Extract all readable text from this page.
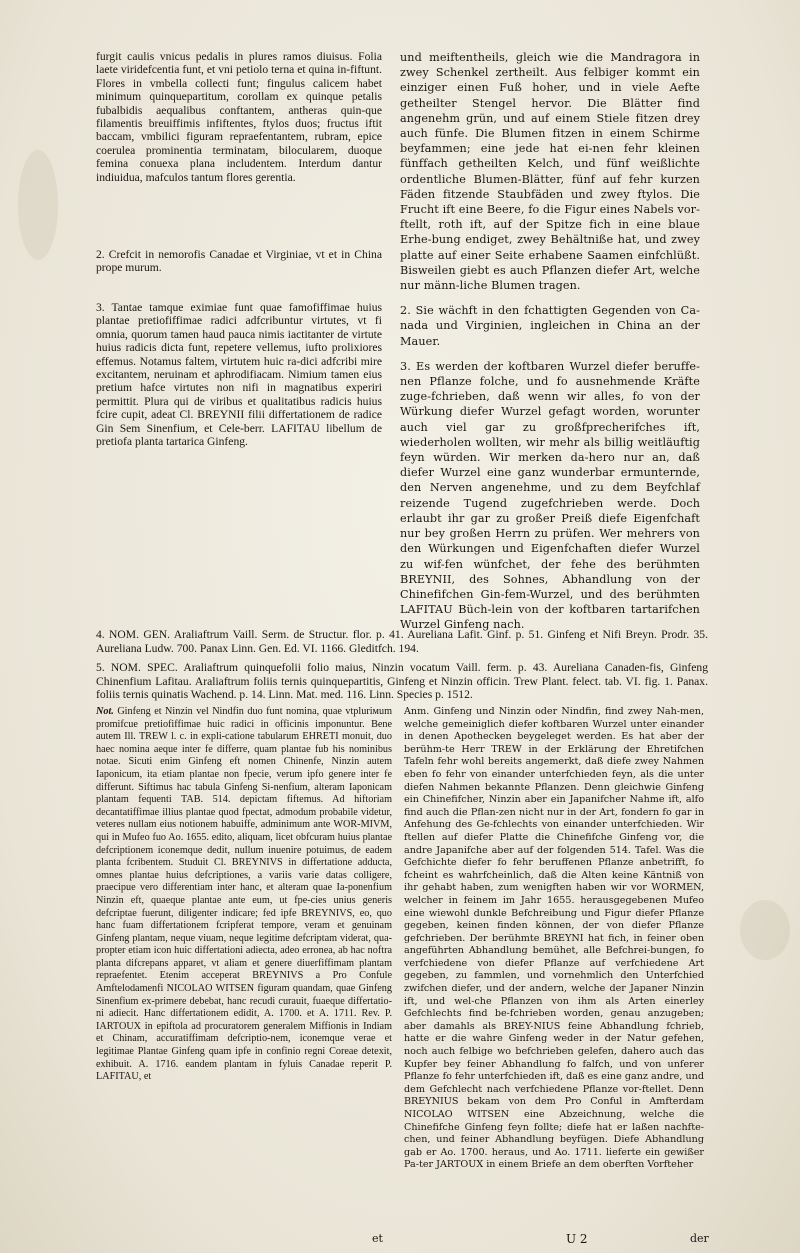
furgit caulis vnicus pedalis in plures ramos diuisus. Folia laete viridefcentia funt, et vni petiolo terna et quina in-fiftunt. Flores in vmbella collecti funt; fingulus calicem habet minimum quinquepartitum, corollam ex quinque petalis fubalbidis aequalibus conftantem, antheras quin-que filamentis breuiffimis infiftentes, ftylos duos; fructus iftit baccam, vmbilici figuram repraefentantem, rubram, epice coerulea prominentia terminatam, bilocularem, duoque femina conuexa plana includentem. Interdum dantur indiuidua, mafculos tantum flores gerentia.

2. Crefcit in nemorofis Canadae et Virginiae, vt et in China prope murum.

3. Tantae tamque eximiae funt quae famofiffimae huius plantae pretiofiffimae radici adfcribuntur virtutes, vt fi omnia, quorum tamen haud pauca nimis iactitanter de virtute huius radicis dicta funt, repetere vellemus, iufto prolixiores effemus. Notamus faltem, virtutem huic ra-dici adfcribi mire excitantem, neruinam et aphrodifiacam. Nimium tamen eius pretium hafce virtutes non nifi in magnatibus experiri permittit. Plura qui de viribus et qualitatibus radicis huius fcire cupit, adeat Cl. BREYNII filii differtationem de radice Gin Sem Sinenfium, et Cele-berr. LAFITAU libellum de pretiofa planta tartarica Ginfeng.

und meiftentheils, gleich wie die Mandragora in zwey Schenkel zertheilt. Aus felbiger kommt ein einziger einen Fuß hoher, und in viele Aefte getheilter Stengel hervor. Die Blätter find angenehm grün, und auf einem Stiele fitzen drey auch fünfe. Die Blumen fitzen in einem Schirme beyfammen; eine jede hat ei-nen fehr kleinen fünffach getheilten Kelch, und fünf weißlichte ordentliche Blumen-Blätter, fünf auf fehr kurzen Fäden fitzende Staubfäden und zwey ftylos. Die Frucht ift eine Beere, fo die Figur eines Nabels vor-ftellt, roth ift, auf der Spitze fich in eine blaue Erhe-bung endiget, zwey Behältniße hat, und zwey platte auf einer Seite erhabene Saamen einfchlüßt. Bisweilen giebt es auch Pflanzen diefer Art, welche nur männ-liche Blumen tragen.

2. Sie wächft in den fchattigten Gegenden von Ca-nada und Virginien, ingleichen in China an der Mauer.

3. Es werden der koftbaren Wurzel diefer beruffe-nen Pflanze folche, und fo ausnehmende Kräfte zuge-fchrieben, daß wenn wir alles, fo von der Würkung diefer Wurzel gefagt worden, worunter auch viel gar zu großfprecherifches ift, wiederholen wollten, wir mehr als billig weitläuftig feyn würden. Wir merken da-hero nur an, daß diefer Wurzel eine ganz wunderbar ermunternde, den Nerven angenehme, und zu dem Beyfchlaf reizende Tugend zugefchrieben werde. Doch erlaubt ihr gar zu großer Preiß diefe Eigenfchaft nur bey großen Herrn zu prüfen. Wer mehrers von den Würkungen und Eigenfchaften diefer Wurzel zu wif-fen wünfchet, der fehe des berühmten BREYNII, des Sohnes, Abhandlung von der Chinefifchen Gin-fem-Wurzel, und des berühmten LAFITAU Büch-lein von der koftbaren tartarifchen Wurzel Ginfeng nach.

4. NOM. GEN. Araliaftrum Vaill. Serm. de Structur. flor. p. 41. Aureliana Lafit. Ginf. p. 51. Ginfeng et Nifi Breyn. Prodr. 35. Aureliana Ludw. 700. Panax Linn. Gen. Ed. VI. 1166. Gleditfch. 194.

5. NOM. SPEC. Araliaftrum quinquefolii folio maius, Ninzin vocatum Vaill. ferm. p. 43. Aureliana Canaden-fis, Ginfeng Chinenfium Lafitau. Araliaftrum foliis ternis quinquepartitis, Ginfeng et Ninzin officin. Trew Plant. felect. tab. VI. fig. 1. Panax. foliis ternis quinatis Wachend. p. 14. Linn. Mat. med. 116. Linn. Species p. 1512.

Not. Ginfeng et Ninzin vel Nindfin duo funt nomina, quae vtpluriмum promifcue pretiofiffimae huic radici in officinis imponuntur. Bene autem Ill. TREW l. c. in expli-catione tabularum EHRETI monuit, duo haec nomina aeque inter fe differre, quam plantae fub his nominibus notae. Sicuti enim Ginfeng eft nomen Chinenfe, Ninzin autem Iaponicum, ita etiam plantae non fpecie, verum ipfo genere inter fe differunt. Siftimus hac tabula Ginfeng Si-nenfium, alteram Iaponicam plantam fequenti TAB. 514. depictam fiftemus. Ad hiftoriam decantatiffimae illius plantae quod fpectat, admodum probabile videtur, veteres nullam eius notionem habuiffe, adminimum ante WOR-MIVM, qui in Mufeo fuo Ao. 1655. edito, aliquam, licet obfcuram huius plantae defcriptionem iconemque dedit, nullum inuenire potuimus, de eadem planta fcribentem. Studuit Cl. BREYNIVS in differtatione adducta, omnes plantae huius defcriptiones, a variis varie datas colligere, praecipue vero differentiam inter hanc, et alteram quae Ia-ponenfium Ninzin eft, quaeque plantae ante eum, ut fpe-cies unius generis defcriptae fuerunt, diligenter indicare; fed ipfe BREYNIVS, eo, quo hanc fuam differtationem fcripferat tempore, veram et genuinam Ginfeng plantam, neque viuam, neque legitime defcriptam viderat, qua-propter etiam icon huic differtationi adiecta, adeo erronea, ab hac noftra planta difcrepans apparet, vt aliam et genere diuerfiffimam plantam repraefentet. Etenim acceperat BREYNIVS a Pro Confule Amftelodamenfi NICOLAO WITSEN figuram quandam, quae Ginfeng Sinenfium ex-primere debebat, hanc recudi curauit, fuaeque differtatio-ni adiecit. Hanc differtationem edidit, A. 1700. et A. 1711. Rev. P. IARTOUX in epiftola ad procuratorem generalem Miffionis in Indiam et Chinam, accuratiffimam defcriptio-nem, iconemque verae et legitimae Plantae Ginfeng quam ipfe in confinio regni Coreae detexit, exhibuit. A. 1716. eandem plantam in fyluis Canadae reperit P. LAFITAU, et

Anm. Ginfeng und Ninzin oder Nindfin, find zwey Nah-men, welche gemeiniglich diefer koftbaren Wurzel unter einander in denen Apothecken beygeleget werden. Es hat aber der berühm-te Herr TREW in der Erklärung der Ehretifchen Tafeln fehr wohl bereits angemerkt, daß diefe zwey Nahmen eben fo fehr von einander unterfchieden feyn, als die unter diefen Nahmen bekannte Pflanzen. Denn gleichwie Ginfeng ein Chinefifcher, Ninzin aber ein Japanifcher Nahme ift, alfo find auch die Pflan-zen nicht nur in der Art, fondern fo gar in Anfehung des Ge-fchlechts von einander unterfchieden. Wir ftellen auf diefer Platte die Chinefifche Ginfeng vor, die andre Japanifche aber auf der folgenden 514. Tafel. Was die Gefchichte diefer fo fehr beruffenen Pflanze anbetrifft, fo fcheint es wahrfcheinlich, daß die Alten keine Käntniß von ihr gehabt haben, zum wenigften haben wir vor WORMEN, welcher in feinem im Jahr 1655. herausgegebenen Mufeo eine wiewohl dunkle Befchreibung und Figur diefer Pflanze gegeben, keinen finden können, der von diefer Pflanze gefchrieben. Der berühmte BREYNI hat fich, in feiner oben angeführten Abhandlung bemühet, alle Befchrei-bungen, fo verfchiedene von diefer Pflanze auf verfchiedene Art gegeben, zu fammlen, und vornehmlich den Unterfchied zwifchen diefer, und der andern, welche der Japaner Ninzin ift, und wel-che Pflanzen von ihm als Arten einerley Gefchlechts find be-fchrieben worden, genau anzugeben; aber damahls als BREY-NIUS feine Abhandlung fchrieb, hatte er die wahre Ginfeng weder in der Natur gefehen, noch auch felbige wo befchrieben gelefen, dahero auch das Kupfer bey feiner Abhandlung fo falfch, und von unferer Pflanze fo fehr unterfchieden ift, daß es eine ganz andre, und dem Gefchlecht nach verfchiedene Pflanze vor-ftellet. Denn BREYNIUS bekam von dem Pro Conful in Amfterdam NICOLAO WITSEN eine Abzeichnung, welche die Chinefifche Ginfeng feyn follte; diefe hat er laßen nachfte-chen, und feiner Abhandlung beyfügen. Diefe Abhandlung gab er Ao. 1700. heraus, und Ao. 1711. lieferte ein gewißer Pa-ter JARTOUX in einem Briefe an dem oberften Vorfteher

U 2
et	der
